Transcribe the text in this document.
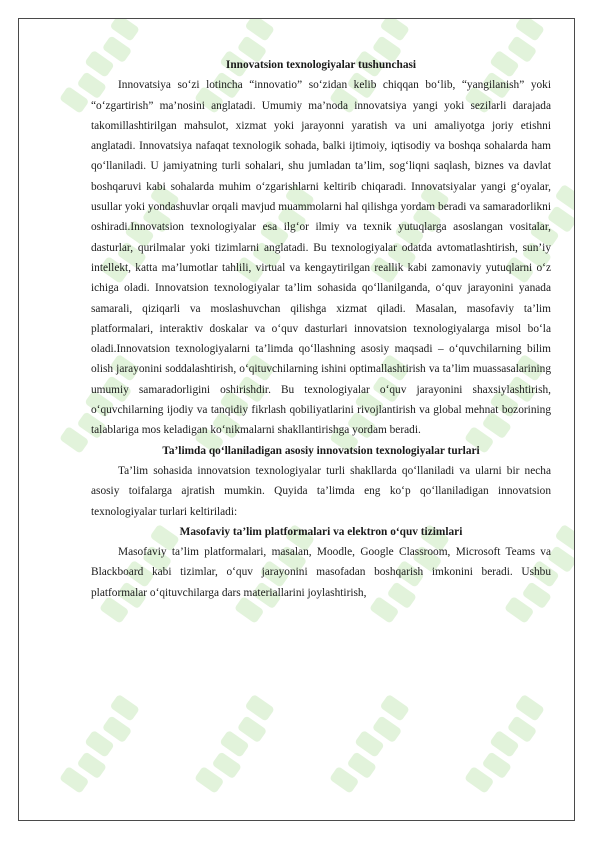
Innovatsion texnologiyalar tushunchasi

Innovatsiya so‘zi lotincha “innovatio” so‘zidan kelib chiqqan bo‘lib, “yangilanish” yoki “o‘zgartirish” ma’nosini anglatadi. Umumiy ma’noda innovatsiya yangi yoki sezilarli darajada takomillashtirilgan mahsulot, xizmat yoki jarayonni yaratish va uni amaliyotga joriy etishni anglatadi. Innovatsiya nafaqat texnologik sohada, balki ijtimoiy, iqtisodiy va boshqa sohalarda ham qo‘llaniladi. U jamiyatning turli sohalari, shu jumladan ta’lim, sog‘liqni saqlash, biznes va davlat boshqaruvi kabi sohalarda muhim o‘zgarishlarni keltirib chiqaradi. Innovatsiyalar yangi g‘oyalar, usullar yoki yondashuvlar orqali mavjud muammolarni hal qilishga yordam beradi va samaradorlikni oshiradi.Innovatsion texnologiyalar esa ilg‘or ilmiy va texnik yutuqlarga asoslangan vositalar, dasturlar, qurilmalar yoki tizimlarni anglatadi. Bu texnologiyalar odatda avtomatlashtirish, sun’iy intellekt, katta ma’lumotlar tahlili, virtual va kengaytirilgan reallik kabi zamonaviy yutuqlarni o‘z ichiga oladi. Innovatsion texnologiyalar ta’lim sohasida qo‘llanilganda, o‘quv jarayonini yanada samarali, qiziqarli va moslashuvchan qilishga xizmat qiladi. Masalan, masofaviy ta’lim platformalari, interaktiv doskalar va o‘quv dasturlari innovatsion texnologiyalarga misol bo‘la oladi.Innovatsion texnologiyalarni ta’limda qo‘llashning asosiy maqsadi – o‘quvchilarning bilim olish jarayonini soddalashtirish, o‘qituvchilarning ishini optimallashtirish va ta’lim muassasalarining umumiy samaradorligini oshirishdir. Bu texnologiyalar o‘quv jarayonini shaxsiylashtirish, o‘quvchilarning ijodiy va tanqidiy fikrlash qobiliyatlarini rivojlantirish va global mehnat bozorining talablariga mos keladigan ko‘nikmalarni shakllantirishga yordam beradi.

Ta’limda qo‘llaniladigan asosiy innovatsion texnologiyalar turlari

Ta’lim sohasida innovatsion texnologiyalar turli shakllarda qo‘llaniladi va ularni bir necha asosiy toifalarga ajratish mumkin. Quyida ta’limda eng ko‘p qo‘llaniladigan innovatsion texnologiyalar turlari keltiriladi:

Masofaviy ta’lim platformalari va elektron o‘quv tizimlari

Masofaviy ta’lim platformalari, masalan, Moodle, Google Classroom, Microsoft Teams va Blackboard kabi tizimlar, o‘quv jarayonini masofadan boshqarish imkonini beradi. Ushbu platformalar o‘qituvchilarga dars materiallarini joylashtirish,
